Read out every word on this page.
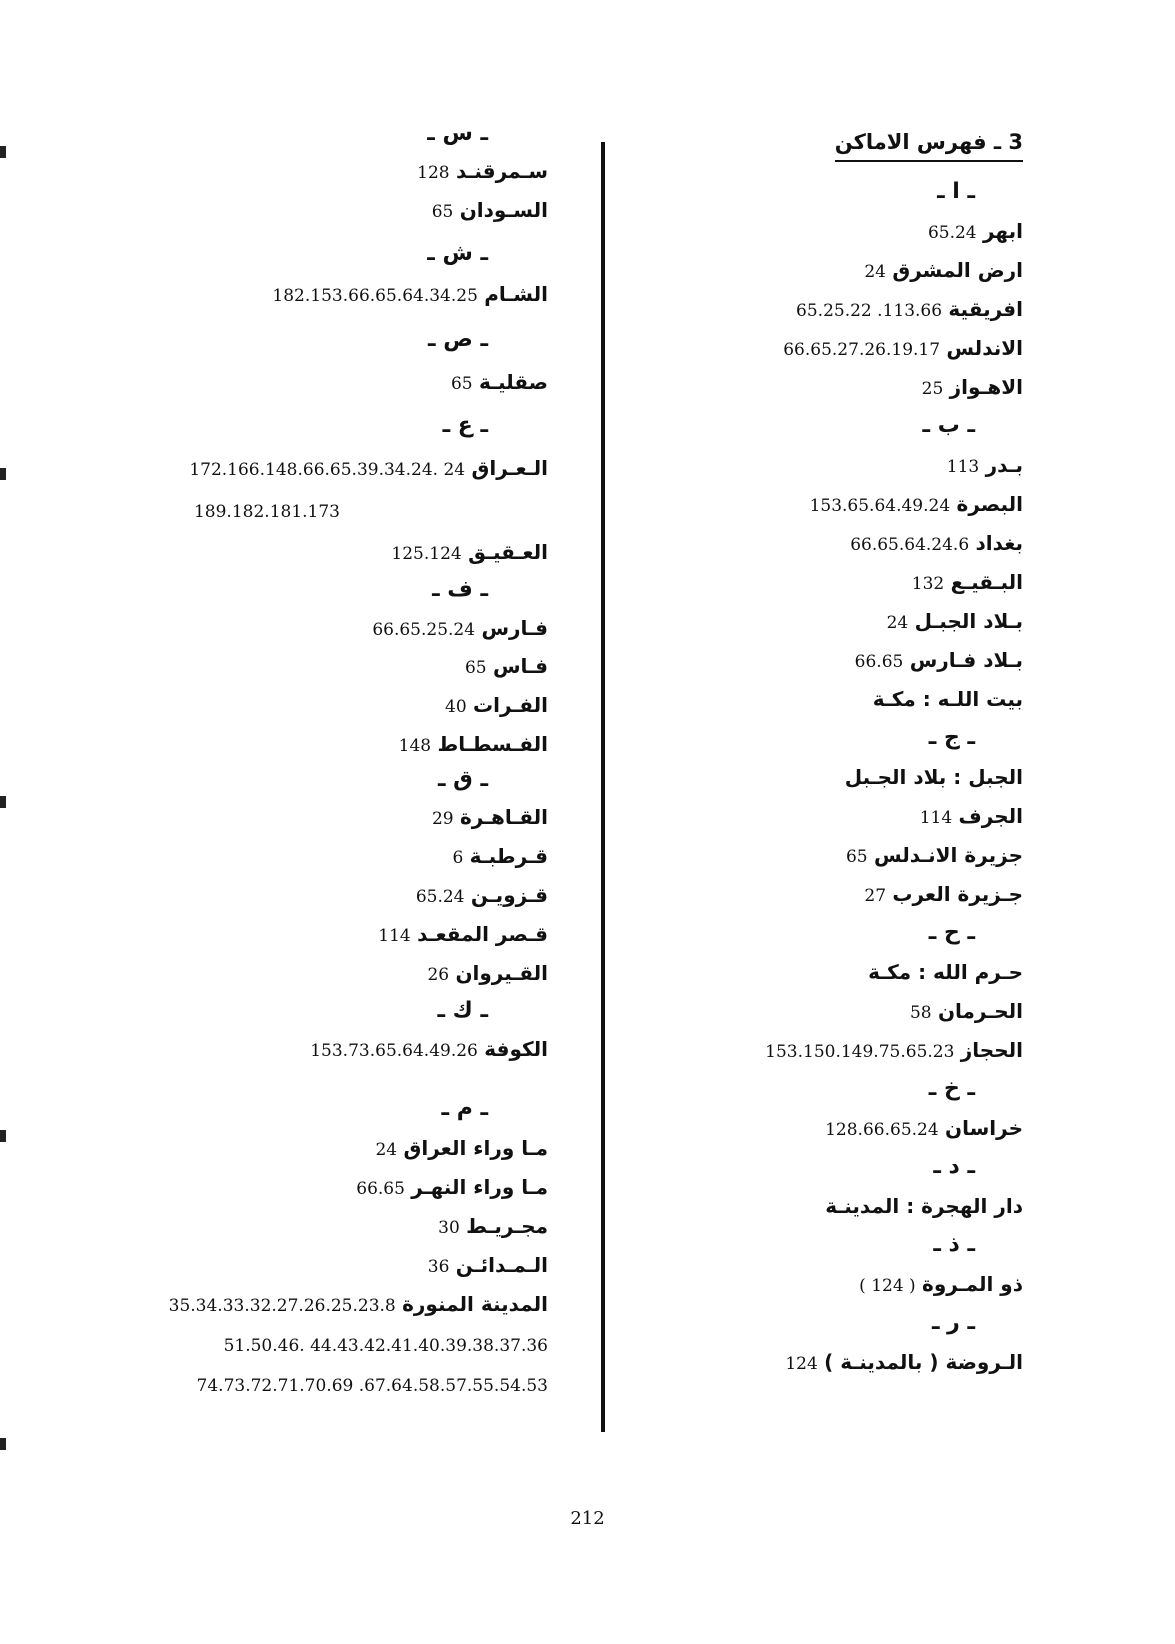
3 ـ فهرس الاماكن
ـ ا ـ
ابهر 65.24
ارض المشرق 24
افريقية 113.66. 65.25.22
الاندلس 66.65.27.26.19.17
الاهـواز 25
ـ ب ـ
بـدر 113
البصرة 153.65.64.49.24
بغداد 66.65.64.24.6
البـقيـع 132
بـلاد الجبـل 24
بـلاد فـارس 66.65
بيت اللـه : مكـة
ـ ج ـ
الجبل : بلاد الجـبل
الجرف 114
جزيرة الانـدلس 65
جـزيرة العرب 27
ـ ح ـ
حـرم الله : مكـة
الحـرمان 58
الحجاز 153.150.149.75.65.23
ـ خ ـ
خراسان 128.66.65.24
ـ د ـ
دار الهجرة : المدينـة
ـ ذ ـ
ذو المـروة ( 124 )
ـ ر ـ
الـروضة ( بالمدينـة ) 124
ـ س ـ
سـمرقنـد 128
السـودان 65
ـ ش ـ
الشـام 182.153.66.65.64.34.25
ـ ص ـ
صقليـة 65
ـ ع ـ
الـعـراق 24 .172.166.148.66.65.39.34.24
189.182.181.173
العـقيـق 125.124
ـ ف ـ
فـارس 66.65.25.24
فـاس 65
الفـرات 40
الفـسطـاط 148
ـ ق ـ
القـاهـرة 29
قـرطبـة 6
قـزويـن 65.24
قـصر المقعـد 114
القـيروان 26
ـ ك ـ
الكوفة 153.73.65.64.49.26
ـ م ـ
مـا وراء العراق 24
مـا وراء النهـر 66.65
مجـريـط 30
الـمـدائـن 36
المدينة المنورة 35.34.33.32.27.26.25.23.8
51.50.46. 44.43.42.41.40.39.38.37.36
74.73.72.71.70.69 .67.64.58.57.55.54.53
212
